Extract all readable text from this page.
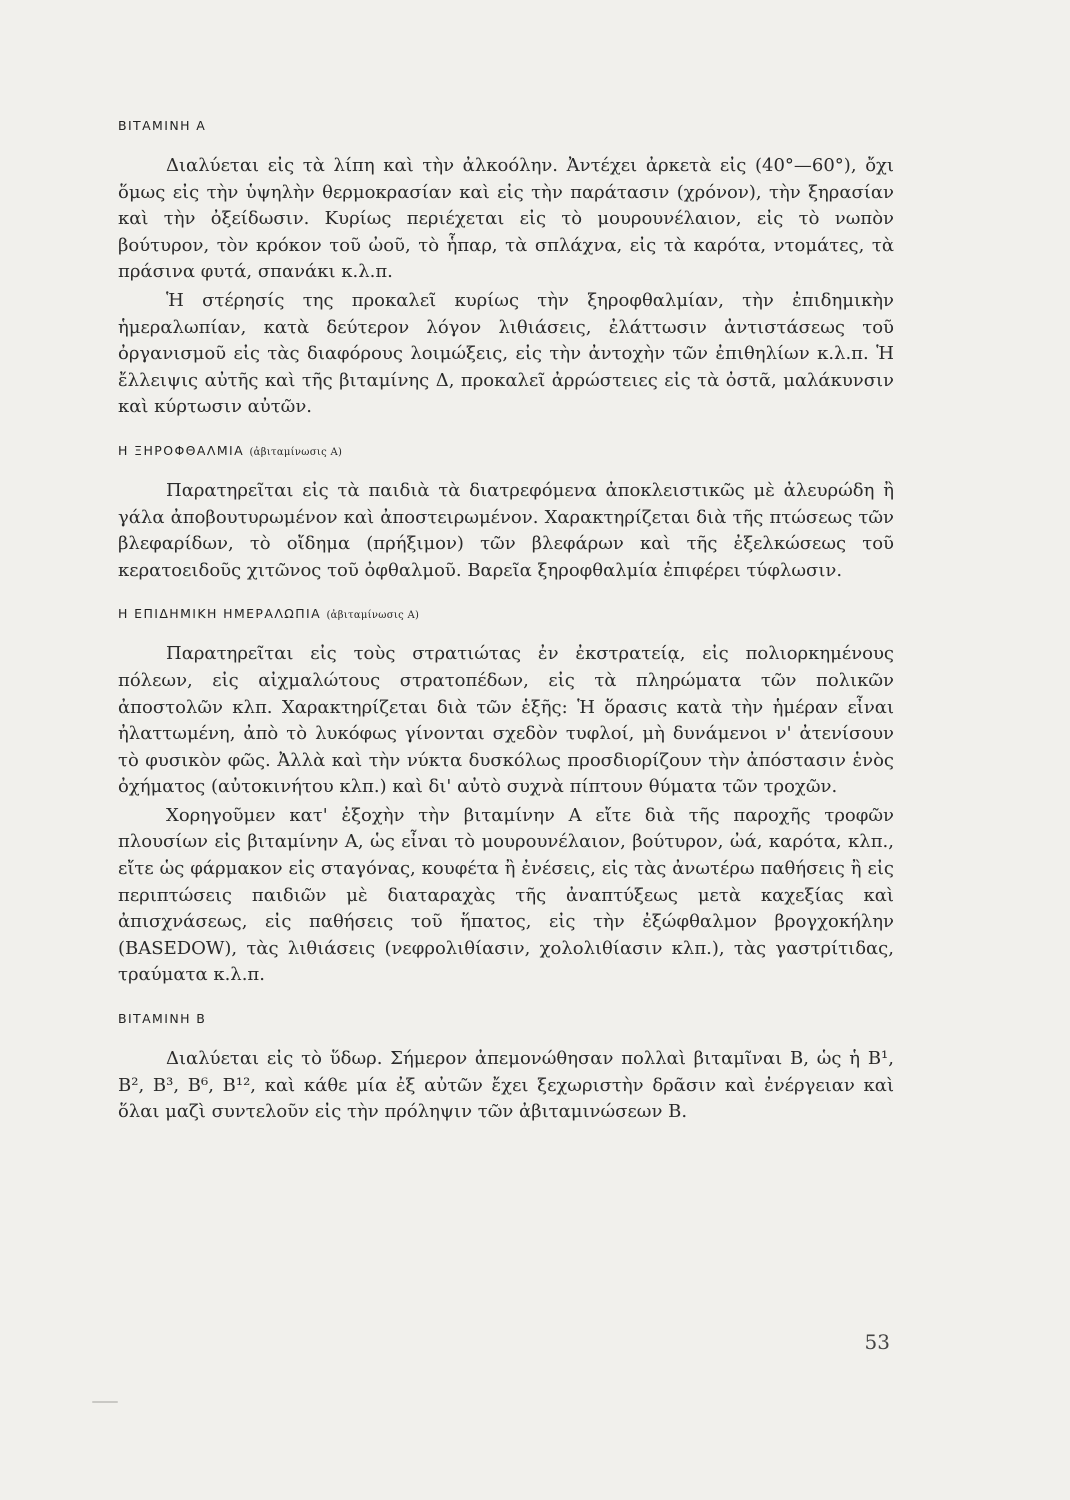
ΒΙΤΑΜΙΝΗ Α

Διαλύεται εἰς τὰ λίπη καὶ τὴν ἀλκοόλην. Ἀντέχει ἀρκετὰ εἰς (40°—60°), ὄχι ὅμως εἰς τὴν ὑψηλὴν θερμοκρασίαν καὶ εἰς τὴν παράτασιν (χρόνον), τὴν ξηρασίαν καὶ τὴν ὀξείδωσιν. Κυρίως περιέχεται εἰς τὸ μουρουνέλαιον, εἰς τὸ νωπὸν βούτυρον, τὸν κρόκον τοῦ ὠοῦ, τὸ ἧπαρ, τὰ σπλάχνα, εἰς τὰ καρότα, ντομάτες, τὰ πράσινα φυτά, σπανάκι κ.λ.π.

Ἡ στέρησίς της προκαλεῖ κυρίως τὴν ξηροφθαλμίαν, τὴν ἐπιδημικὴν ἡμεραλωπίαν, κατὰ δεύτερον λόγον λιθιάσεις, ἐλάττωσιν ἀντιστάσεως τοῦ ὀργανισμοῦ εἰς τὰς διαφόρους λοιμώξεις, εἰς τὴν ἀντοχὴν τῶν ἐπιθηλίων κ.λ.π. Ἡ ἔλλειψις αὐτῆς καὶ τῆς βιταμίνης Δ, προκαλεῖ ἀρρώστειες εἰς τὰ ὀστᾶ, μαλάκυνσιν καὶ κύρτωσιν αὐτῶν.

Η ΞΗΡΟΦΘΑΛΜΙΑ (ἀβιταμίνωσις Α)

Παρατηρεῖται εἰς τὰ παιδιὰ τὰ διατρεφόμενα ἀποκλειστικῶς μὲ ἀλευρώδη ἢ γάλα ἀποβουτυρωμένον καὶ ἀποστειρωμένον. Χαρακτηρίζεται διὰ τῆς πτώσεως τῶν βλεφαρίδων, τὸ οἴδημα (πρήξιμον) τῶν βλεφάρων καὶ τῆς ἐξελκώσεως τοῦ κερατοειδοῦς χιτῶνος τοῦ ὀφθαλμοῦ. Βαρεῖα ξηροφθαλμία ἐπιφέρει τύφλωσιν.

Η ΕΠΙΔΗΜΙΚΗ ΗΜΕΡΑΛΩΠΙΑ (ἀβιταμίνωσις Α)

Παρατηρεῖται εἰς τοὺς στρατιώτας ἐν ἐκστρατείᾳ, εἰς πολιορκημένους πόλεων, εἰς αἰχμαλώτους στρατοπέδων, εἰς τὰ πληρώματα τῶν πολικῶν ἀποστολῶν κλπ. Χαρακτηρίζεται διὰ τῶν ἑξῆς: Ἡ ὅρασις κατὰ τὴν ἡμέραν εἶναι ἠλαττωμένη, ἀπὸ τὸ λυκόφως γίνονται σχεδὸν τυφλοί, μὴ δυνάμενοι ν' ἀτενίσουν τὸ φυσικὸν φῶς. Ἀλλὰ καὶ τὴν νύκτα δυσκόλως προσδιορίζουν τὴν ἀπόστασιν ἑνὸς ὀχήματος (αὐτοκινήτου κλπ.) καὶ δι' αὐτὸ συχνὰ πίπτουν θύματα τῶν τροχῶν.

Χορηγοῦμεν κατ' ἐξοχὴν τὴν βιταμίνην Α εἴτε διὰ τῆς παροχῆς τροφῶν πλουσίων εἰς βιταμίνην Α, ὡς εἶναι τὸ μουρουνέλαιον, βούτυρον, ὠά, καρότα, κλπ., εἴτε ὡς φάρμακον εἰς σταγόνας, κουφέτα ἢ ἐνέσεις, εἰς τὰς ἀνωτέρω παθήσεις ἢ εἰς περιπτώσεις παιδιῶν μὲ διαταραχὰς τῆς ἀναπτύξεως μετὰ καχεξίας καὶ ἀπισχνάσεως, εἰς παθήσεις τοῦ ἥπατος, εἰς τὴν ἐξώφθαλμον βρογχοκήλην (BASEDOW), τὰς λιθιάσεις (νεφρολιθίασιν, χολολιθίασιν κλπ.), τὰς γαστρίτιδας, τραύματα κ.λ.π.

ΒΙΤΑΜΙΝΗ Β

Διαλύεται εἰς τὸ ὕδωρ. Σήμερον ἀπεμονώθησαν πολλαὶ βιταμῖναι Β, ὡς ἡ Β¹, Β², Β³, Β⁶, Β¹², καὶ κάθε μία ἐξ αὐτῶν ἔχει ξεχωριστὴν δρᾶσιν καὶ ἐνέργειαν καὶ ὅλαι μαζὶ συντελοῦν εἰς τὴν πρόληψιν τῶν ἀβιταμινώσεων Β.

53
